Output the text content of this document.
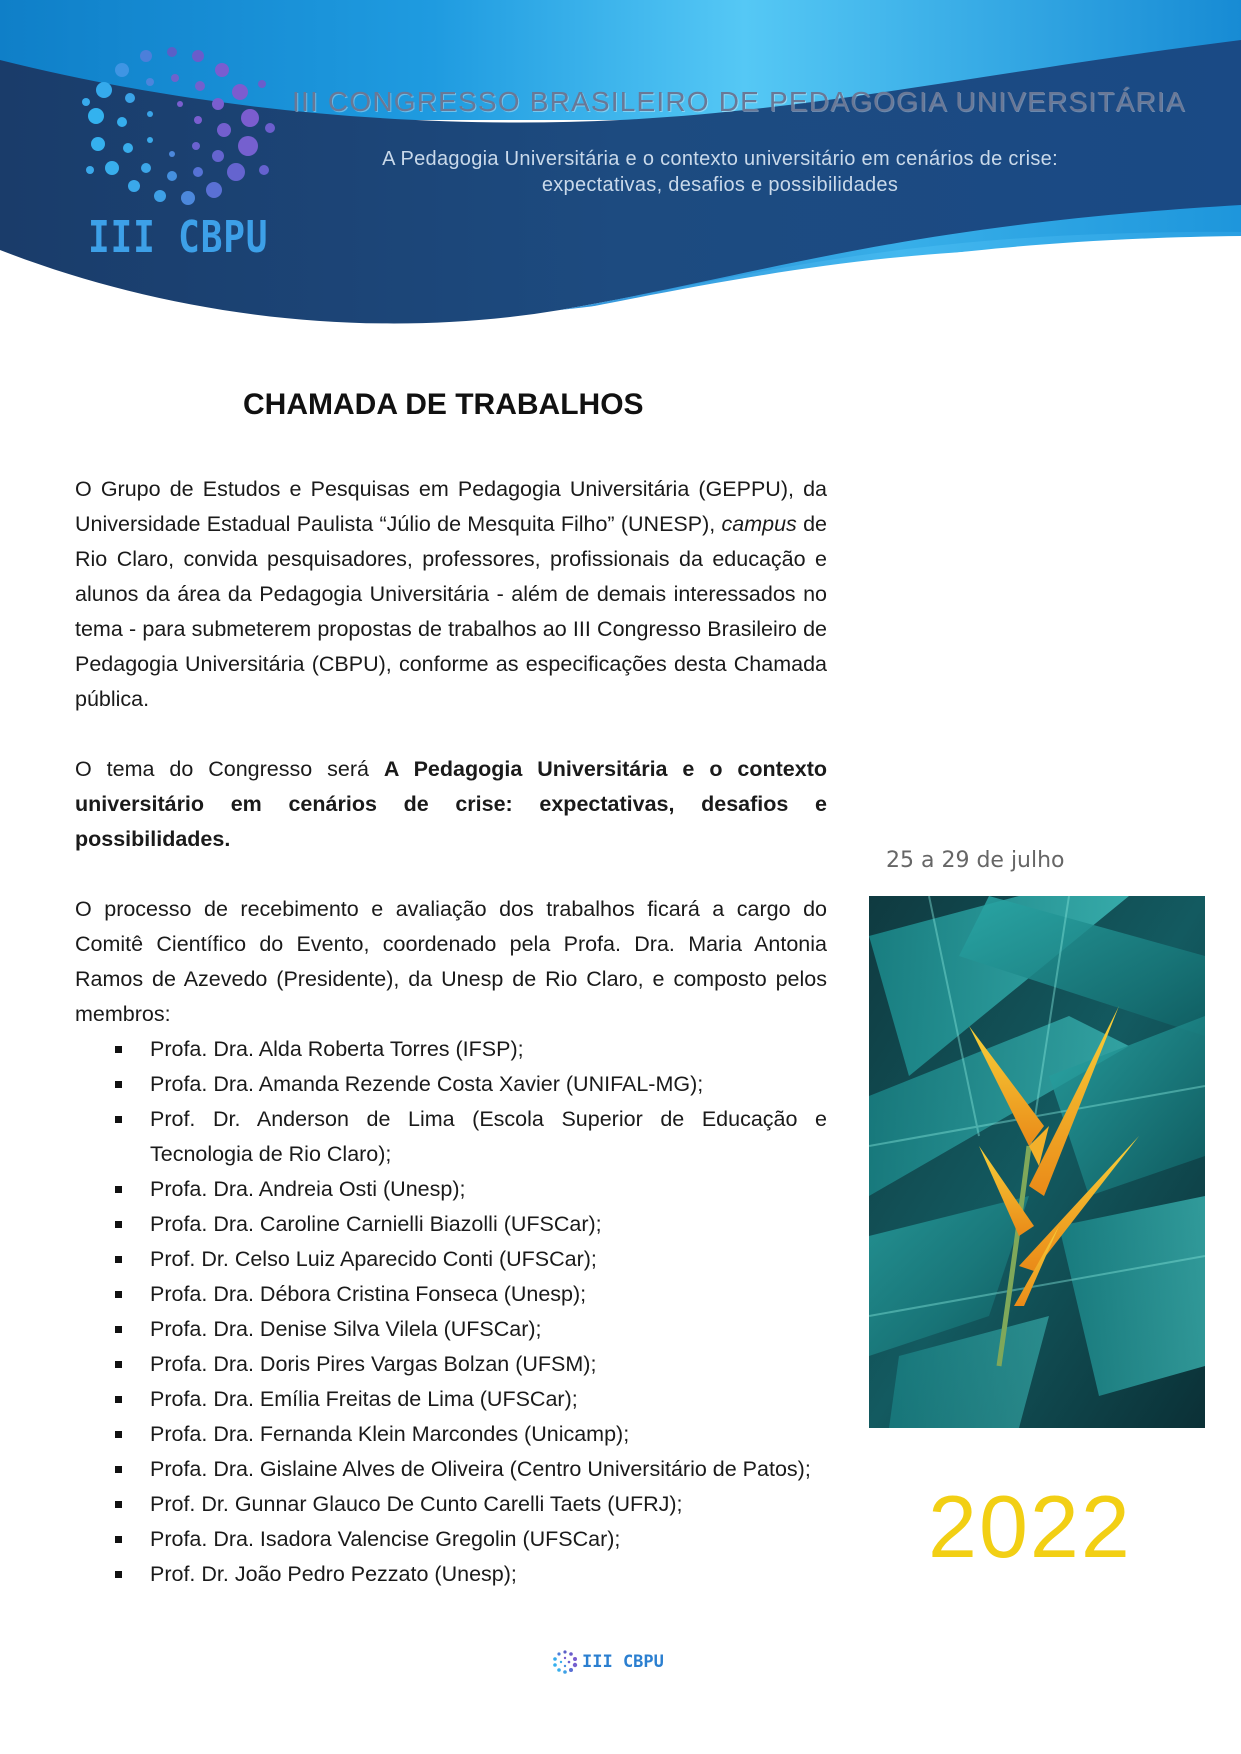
III CONGRESSO BRASILEIRO DE PEDAGOGIA UNIVERSITÁRIA
A Pedagogia Universitária e o contexto universitário em cenários de crise:
expectativas, desafios e possibilidades
III CBPU
CHAMADA DE TRABALHOS
O Grupo de Estudos e Pesquisas em Pedagogia Universitária (GEPPU), da Universidade Estadual Paulista “Júlio de Mesquita Filho” (UNESP), campus de Rio Claro, convida pesquisadores, professores, profissionais da educação e alunos da área da Pedagogia Universitária - além de demais interessados no tema - para submeterem propostas de trabalhos ao III Congresso Brasileiro de Pedagogia Universitária (CBPU), conforme as especificações desta Chamada pública.
O tema do Congresso será A Pedagogia Universitária e o contexto universitário em cenários de crise: expectativas, desafios e possibilidades.
O processo de recebimento e avaliação dos trabalhos ficará a cargo do Comitê Científico do Evento, coordenado pela Profa. Dra. Maria Antonia Ramos de Azevedo (Presidente), da Unesp de Rio Claro, e composto pelos membros:
Profa. Dra. Alda Roberta Torres (IFSP);
Profa. Dra. Amanda Rezende Costa Xavier (UNIFAL-MG);
Prof. Dr. Anderson de Lima (Escola Superior de Educação e Tecnologia de Rio Claro);
Profa. Dra. Andreia Osti (Unesp);
Profa. Dra. Caroline Carnielli Biazolli (UFSCar);
Prof. Dr. Celso Luiz Aparecido Conti (UFSCar);
Profa. Dra. Débora Cristina Fonseca (Unesp);
Profa. Dra. Denise Silva Vilela (UFSCar);
Profa. Dra. Doris Pires Vargas Bolzan (UFSM);
Profa. Dra. Emília Freitas de Lima (UFSCar);
Profa. Dra. Fernanda Klein Marcondes (Unicamp);
Profa. Dra. Gislaine Alves de Oliveira (Centro Universitário de Patos);
Prof. Dr. Gunnar Glauco De Cunto Carelli Taets (UFRJ);
Profa. Dra. Isadora Valencise Gregolin (UFSCar);
Prof. Dr. João Pedro Pezzato (Unesp);
25 a 29 de julho
2022
III CBPU
